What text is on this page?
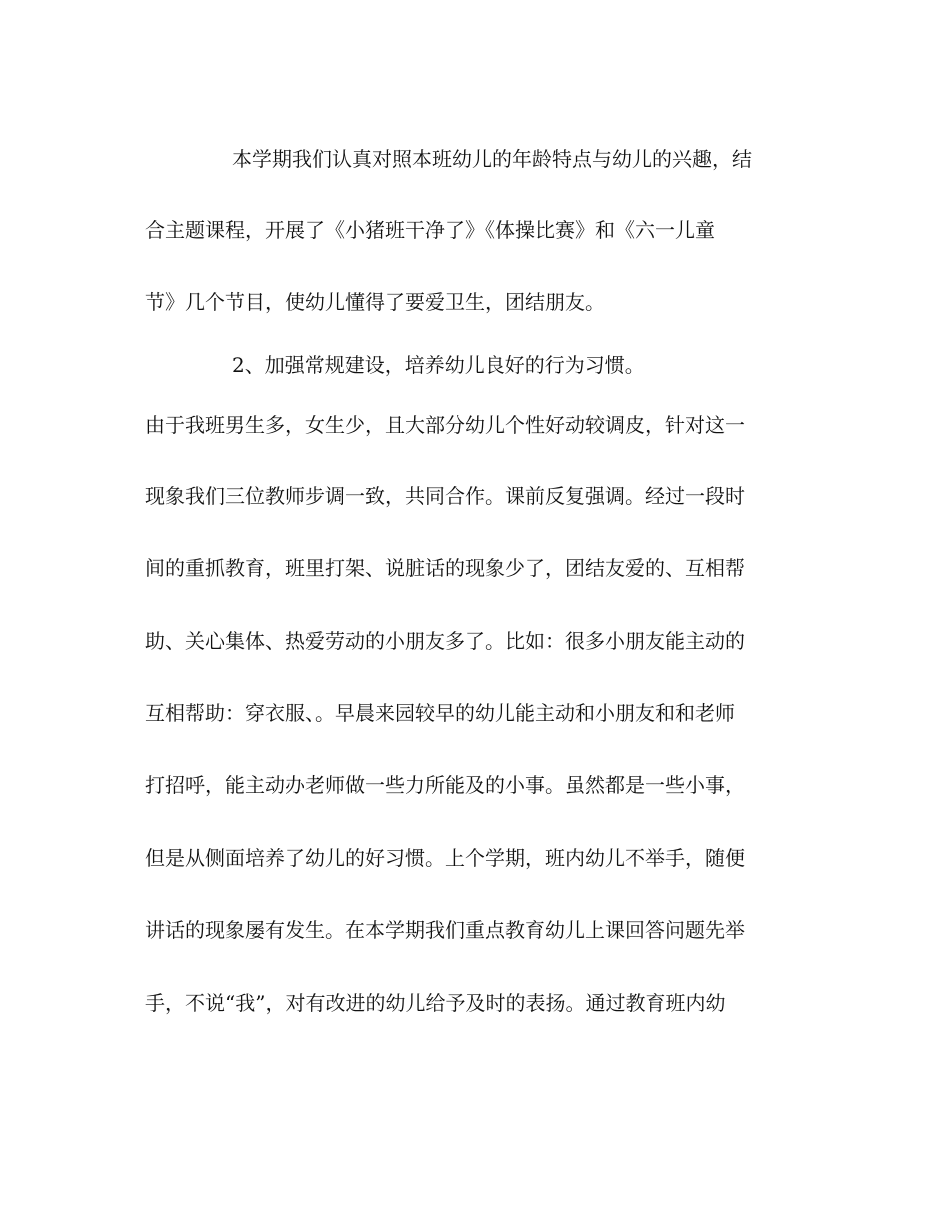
本学期我们认真对照本班幼儿的年龄特点与幼儿的兴趣，结
合主题课程，开展了《小猪班干净了》《体操比赛》和《六一儿童
节》几个节目，使幼儿懂得了要爱卫生，团结朋友。
2、加强常规建设，培养幼儿良好的行为习惯。
由于我班男生多，女生少，且大部分幼儿个性好动较调皮，针对这一
现象我们三位教师步调一致，共同合作。课前反复强调。经过一段时
间的重抓教育，班里打架、说脏话的现象少了，团结友爱的、互相帮
助、关心集体、热爱劳动的小朋友多了。比如：很多小朋友能主动的
互相帮助：穿衣服、。早晨来园较早的幼儿能主动和小朋友和和老师
打招呼，能主动办老师做一些力所能及的小事。虽然都是一些小事，
但是从侧面培养了幼儿的好习惯。上个学期，班内幼儿不举手，随便
讲话的现象屡有发生。在本学期我们重点教育幼儿上课回答问题先举
手，不说“我”，对有改进的幼儿给予及时的表扬。通过教育班内幼
